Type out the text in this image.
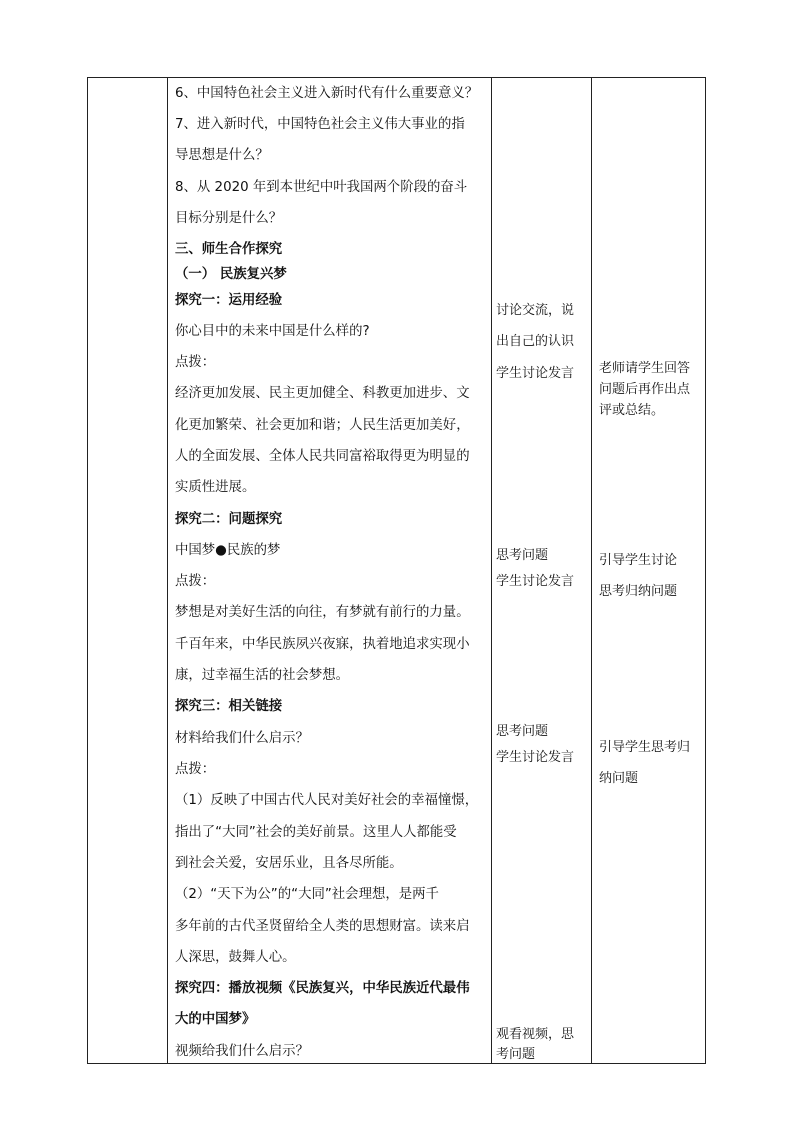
6、中国特色社会主义进入新时代有什么重要意义？
7、进入新时代，中国特色社会主义伟大事业的指
导思想是什么？
8、从 2020 年到本世纪中叶我国两个阶段的奋斗
目标分别是什么？
三、师生合作探究
（一） 民族复兴梦
探究一：运用经验
你心目中的未来中国是什么样的?
点拨：
经济更加发展、民主更加健全、科教更加进步、文
化更加繁荣、社会更加和谐；人民生活更加美好，
人的全面发展、全体人民共同富裕取得更为明显的
实质性进展。
探究二：问题探究
中国梦●民族的梦
点拨：
梦想是对美好生活的向往，有梦就有前行的力量。
千百年来，中华民族夙兴夜寐，执着地追求实现小
康，过幸福生活的社会梦想。
探究三：相关链接
材料给我们什么启示？
点拨：
（1）反映了中国古代人民对美好社会的幸福憧憬，
指出了“大同”社会的美好前景。这里人人都能受
到社会关爱，安居乐业，且各尽所能。
（2）“天下为公”的“大同”社会理想，是两千
多年前的古代圣贤留给全人类的思想财富。读来启
人深思，鼓舞人心。
探究四：播放视频《民族复兴，中华民族近代最伟
大的中国梦》
视频给我们什么启示？
讨论交流，说
出自己的认识
学生讨论发言
思考问题
学生讨论发言
思考问题
学生讨论发言
观看视频，思
考问题
老师请学生回答
问题后再作出点
评或总结。
引导学生讨论
思考归纳问题
引导学生思考归
纳问题
